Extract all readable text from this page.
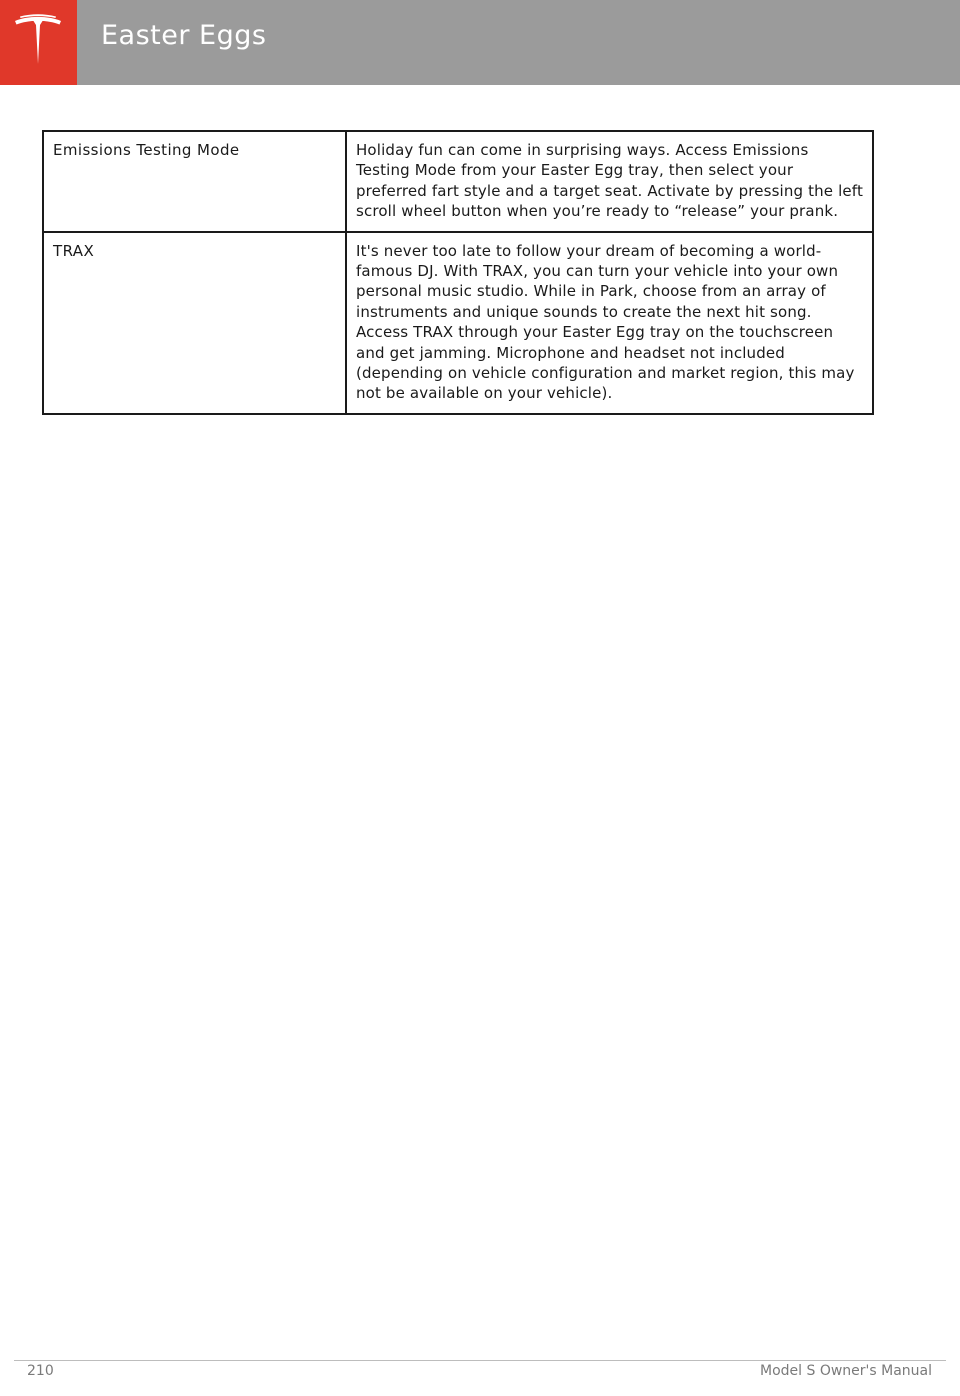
Easter Eggs
Emissions Testing Mode	Holiday fun can come in surprising ways. Access Emissions Testing Mode from your Easter Egg tray, then select your preferred fart style and a target seat. Activate by pressing the left scroll wheel button when you’re ready to “release” your prank.
TRAX	It's never too late to follow your dream of becoming a world-famous DJ. With TRAX, you can turn your vehicle into your own personal music studio. While in Park, choose from an array of instruments and unique sounds to create the next hit song. Access TRAX through your Easter Egg tray on the touchscreen and get jamming. Microphone and headset not included (depending on vehicle configuration and market region, this may not be available on your vehicle).
210	Model S Owner's Manual
